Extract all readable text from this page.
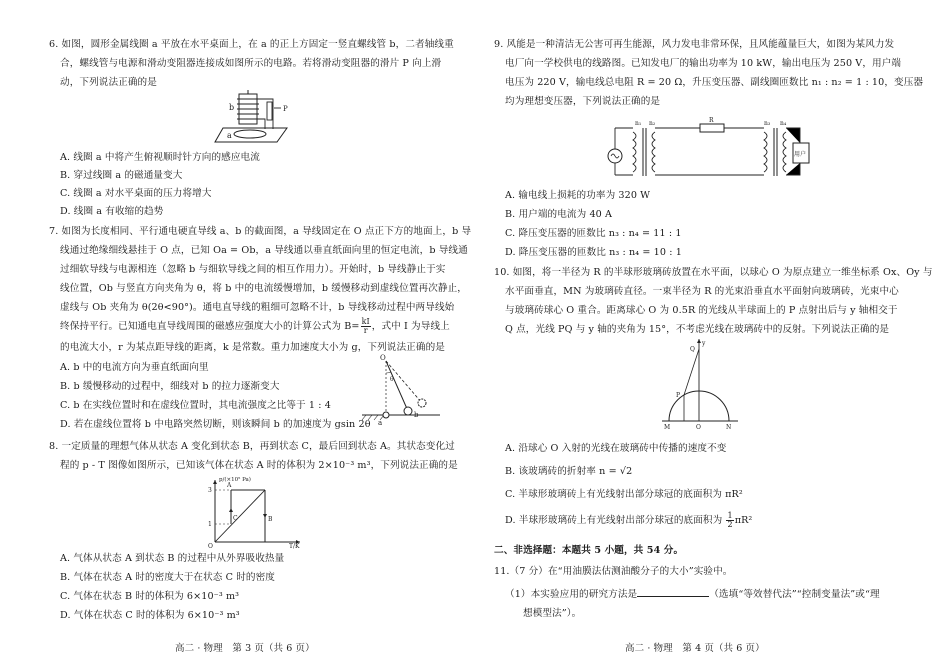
6. 如图，圆形金属线圈 a 平放在水平桌面上，在 a 的正上方固定一竖直螺线管 b，二者轴线重
合，螺线管与电源和滑动变阻器连接成如图所示的电路。若将滑动变阻器的滑片 P 向上滑
动，下列说法正确的是
b	P
a
A. 线圈 a 中将产生俯视顺时针方向的感应电流
B. 穿过线圈 a 的磁通量变大
C. 线圈 a 对水平桌面的压力将增大
D. 线圈 a 有收缩的趋势
7. 如图为长度相同、平行通电硬直导线 a、b 的截面图，a 导线固定在 O 点正下方的地面上，b 导
线通过绝缘细线悬挂于 O 点，已知 Oa = Ob，a 导线通以垂直纸面向里的恒定电流，b 导线通
过细软导线与电源相连（忽略 b 与细软导线之间的相互作用力）。开始时，b 导线静止于实
线位置，Ob 与竖直方向夹角为 θ，将 b 中的电流缓慢增加，b 缓慢移动到虚线位置再次静止，
虚线与 Ob 夹角为 θ(2θ<90°)。通电直导线的粗细可忽略不计，b 导线移动过程中两导线始
终保持平行。已知通电直导线周围的磁感应强度大小的计算公式为 $B= \frac{kI}{r}$ ，式中 I 为导线上
的电流大小，r 为某点距导线的距离，k 是常数。重力加速度大小为 g，下列说法正确的是
A. b 中的电流方向为垂直纸面向里
B. b 缓慢移动的过程中，细线对 b 的拉力逐渐变大
C. b 在实线位置时和在虚线位置时，其电流强度之比等于 1 : 4
D. 若在虚线位置将 b 中电路突然切断，则该瞬间 b 的加速度为 gsin 2θ
O
a
b
θ
8. 一定质量的理想气体从状态 A 变化到状态 B，再到状态 C，最后回到状态 A。其状态变化过
程的 p - T 图像如图所示，已知该气体在状态 A 时的体积为 2×10⁻³ m³，下列说法正确的是
p/(×10⁵ Pa)
T/K
O
3
1
A
B
C
A. 气体从状态 A 到状态 B 的过程中从外界吸收热量
B. 气体在状态 A 时的密度大于在状态 C 时的密度
C. 气体在状态 B 时的体积为 6×10⁻³ m³
D. 气体在状态 C 时的体积为 6×10⁻³ m³
高二 · 物理　第 3 页（共 6 页）
9. 风能是一种清洁无公害可再生能源，风力发电非常环保，且风能蕴量巨大，如图为某风力发
电厂向一学校供电的线路图。已知发电厂的输出功率为 10 kW，输出电压为 250 V，用户端
电压为 220 V，输电线总电阻 R = 20 Ω，升压变压器、副线圈匝数比 n₁ : n₂ = 1 : 10，变压器
均为理想变压器，下列说法正确的是
n₁ n₂	R	n₃ n₄
用户
A. 输电线上损耗的功率为 320 W
B. 用户端的电流为 40 A
C. 降压变压器的匝数比 n₃ : n₄ = 11 : 1
D. 降压变压器的匝数比 n₃ : n₄ = 10 : 1
10. 如图，将一半径为 R 的半球形玻璃砖放置在水平面，以球心 O 为原点建立一维坐标系 Ox、Oy 与
水平面垂直，MN 为玻璃砖直径。一束半径为 R 的光束沿垂直水平面射向玻璃砖，光束中心
与玻璃砖球心 O 重合。距离球心 O 为 0.5R 的光线从半球面上的 P 点射出后与 y 轴相交于
Q 点，光线 PQ 与 y 轴的夹角为 15°，不考虑光线在玻璃砖中的反射。下列说法正确的是
Q
P
y
M	O	N
A. 沿球心 O 入射的光线在玻璃砖中传播的速度不变
B. 该玻璃砖的折射率 n = √2
C. 半球形玻璃砖上有光线射出部分球冠的底面积为 πR²
D. 半球形玻璃砖上有光线射出部分球冠的底面积为 $\frac{1}{2} \pi R^2$
二、非选择题：本题共 5 小题，共 54 分。
11.（7 分）在“用油膜法估测油酸分子的大小”实验中。
（1）本实验应用的研究方法是	（选填“等效替代法”“控制变量法”或“理
想模型法”）。
高二 · 物理　第 4 页（共 6 页）
